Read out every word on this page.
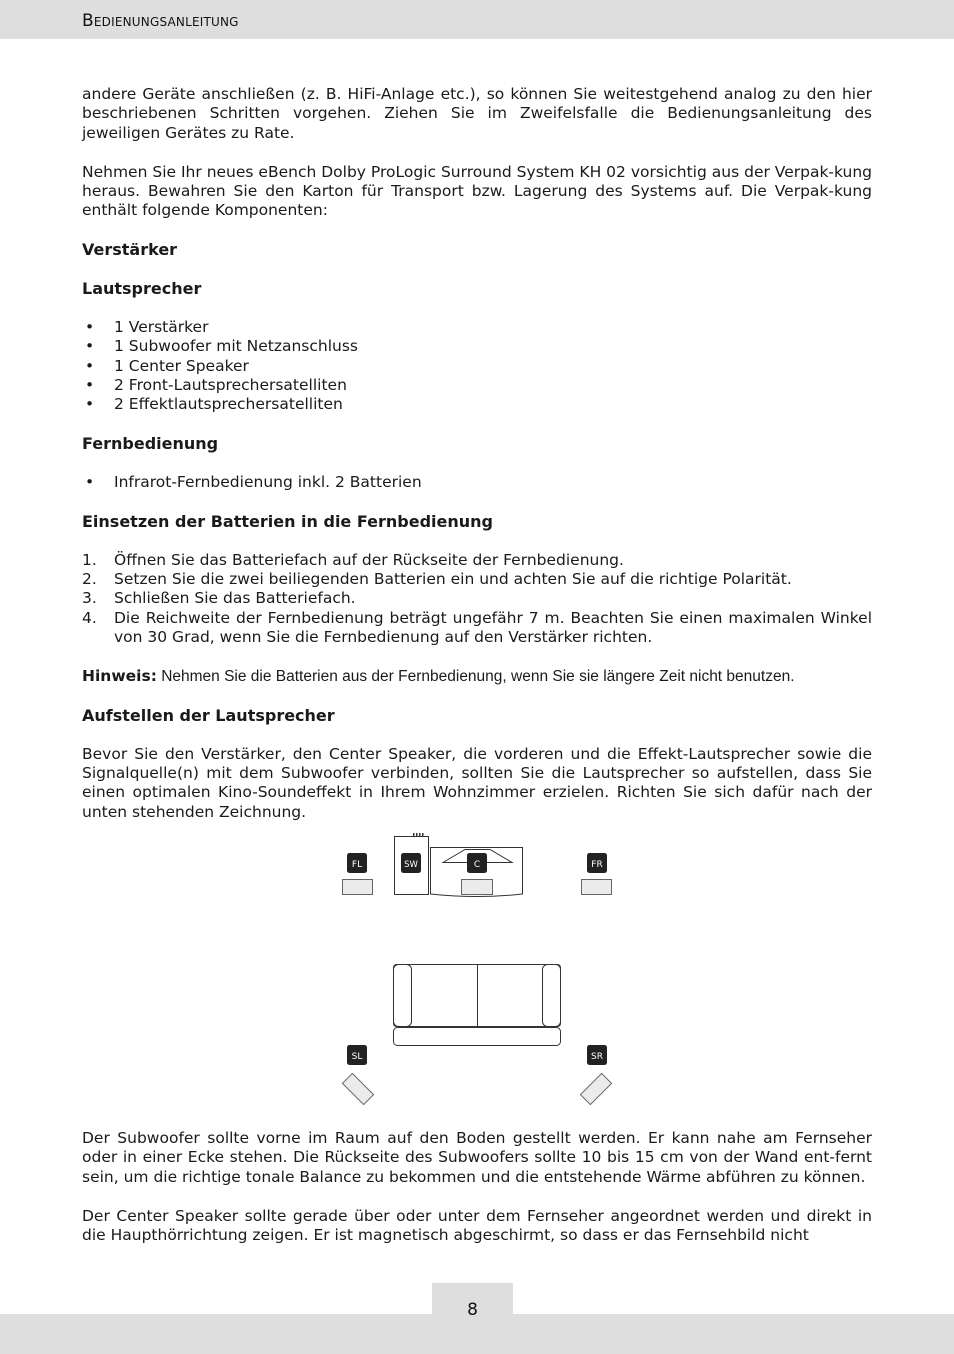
Bedienungsanleitung

andere Geräte anschließen (z. B. HiFi-Anlage etc.), so können Sie weitestgehend analog zu den hier beschriebenen Schritten vorgehen. Ziehen Sie im Zweifelsfalle die Bedienungsanleitung des jeweiligen Gerätes zu Rate.

Nehmen Sie Ihr neues eBench Dolby ProLogic Surround System KH 02 vorsichtig aus der Verpak-kung heraus. Bewahren Sie den Karton für Transport bzw. Lagerung des Systems auf. Die Verpak-kung enthält folgende Komponenten:

Verstärker
Lautsprecher
•	1 Verstärker
•	1 Subwoofer mit Netzanschluss
•	1 Center Speaker
•	2 Front-Lautsprechersatelliten
•	2 Effektlautsprechersatelliten
Fernbedienung
•	Infrarot-Fernbedienung inkl. 2 Batterien
Einsetzen der Batterien in die Fernbedienung
1.	Öffnen Sie das Batteriefach auf der Rückseite der Fernbedienung.
2.	Setzen Sie die zwei beiliegenden Batterien ein und achten Sie auf die richtige Polarität.
3.	Schließen Sie das Batteriefach.
4.	Die Reichweite der Fernbedienung beträgt ungefähr 7 m. Beachten Sie einen maximalen Winkel von 30 Grad, wenn Sie die Fernbedienung auf den Verstärker richten.

Hinweis: Nehmen Sie die Batterien aus der Fernbedienung, wenn Sie sie längere Zeit nicht benutzen.

Aufstellen der Lautsprecher

Bevor Sie den Verstärker, den Center Speaker, die vorderen und die Effekt-Lautsprecher sowie die Signalquelle(n) mit dem Subwoofer verbinden, sollten Sie die Lautsprecher so aufstellen, dass Sie einen optimalen Kino-Soundeffekt in Ihrem Wohnzimmer erzielen. Richten Sie sich dafür nach der unten stehenden Zeichnung.

FL	SW	C	FR
SL	SR

Der Subwoofer sollte vorne im Raum auf den Boden gestellt werden. Er kann nahe am Fernseher oder in einer Ecke stehen. Die Rückseite des Subwoofers sollte 10 bis 15 cm von der Wand ent-fernt sein, um die richtige tonale Balance zu bekommen und die entstehende Wärme abführen zu können.

Der Center Speaker sollte gerade über oder unter dem Fernseher angeordnet werden und direkt in die Haupthörrichtung zeigen. Er ist magnetisch abgeschirmt, so dass er das Fernsehbild nicht

8
